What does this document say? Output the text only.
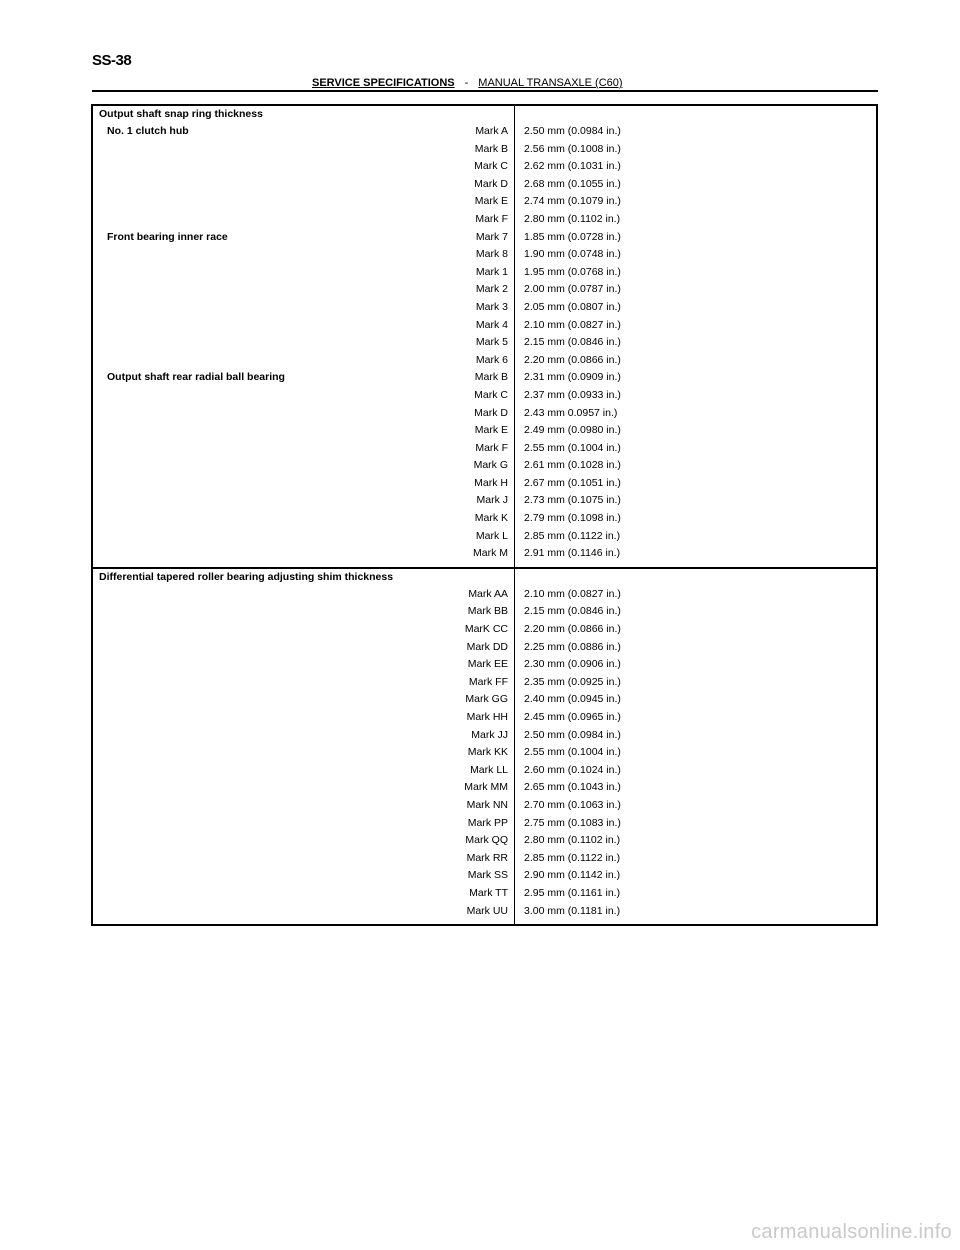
SS-38
SERVICE SPECIFICATIONS - MANUAL TRANSAXLE (C60)
Output shaft snap ring thickness
No. 1 clutch hub	Mark A 2.50 mm (0.0984 in.)
Mark B 2.56 mm (0.1008 in.)
Mark C 2.62 mm (0.1031 in.)
Mark D 2.68 mm (0.1055 in.)
Mark E 2.74 mm (0.1079 in.)
Mark F 2.80 mm (0.1102 in.)
Front bearing inner race	Mark 7 1.85 mm (0.0728 in.)
Mark 8 1.90 mm (0.0748 in.)
Mark 1 1.95 mm (0.0768 in.)
Mark 2 2.00 mm (0.0787 in.)
Mark 3 2.05 mm (0.0807 in.)
Mark 4 2.10 mm (0.0827 in.)
Mark 5 2.15 mm (0.0846 in.)
Mark 6 2.20 mm (0.0866 in.)
Output shaft rear radial ball bearing	Mark B 2.31 mm (0.0909 in.)
Mark C 2.37 mm (0.0933 in.)
Mark D 2.43 mm 0.0957 in.)
Mark E 2.49 mm (0.0980 in.)
Mark F 2.55 mm (0.1004 in.)
Mark G 2.61 mm (0.1028 in.)
Mark H 2.67 mm (0.1051 in.)
Mark J 2.73 mm (0.1075 in.)
Mark K 2.79 mm (0.1098 in.)
Mark L 2.85 mm (0.1122 in.)
Mark M 2.91 mm (0.1146 in.)
Differential tapered roller bearing adjusting shim thickness
Mark AA 2.10 mm (0.0827 in.)
Mark BB 2.15 mm (0.0846 in.)
MarK CC 2.20 mm (0.0866 in.)
Mark DD 2.25 mm (0.0886 in.)
Mark EE 2.30 mm (0.0906 in.)
Mark FF 2.35 mm (0.0925 in.)
Mark GG 2.40 mm (0.0945 in.)
Mark HH 2.45 mm (0.0965 in.)
Mark JJ 2.50 mm (0.0984 in.)
Mark KK 2.55 mm (0.1004 in.)
Mark LL 2.60 mm (0.1024 in.)
Mark MM 2.65 mm (0.1043 in.)
Mark NN 2.70 mm (0.1063 in.)
Mark PP 2.75 mm (0.1083 in.)
Mark QQ 2.80 mm (0.1102 in.)
Mark RR 2.85 mm (0.1122 in.)
Mark SS 2.90 mm (0.1142 in.)
Mark TT 2.95 mm (0.1161 in.)
Mark UU 3.00 mm (0.1181 in.)
carmanualsonline.info
